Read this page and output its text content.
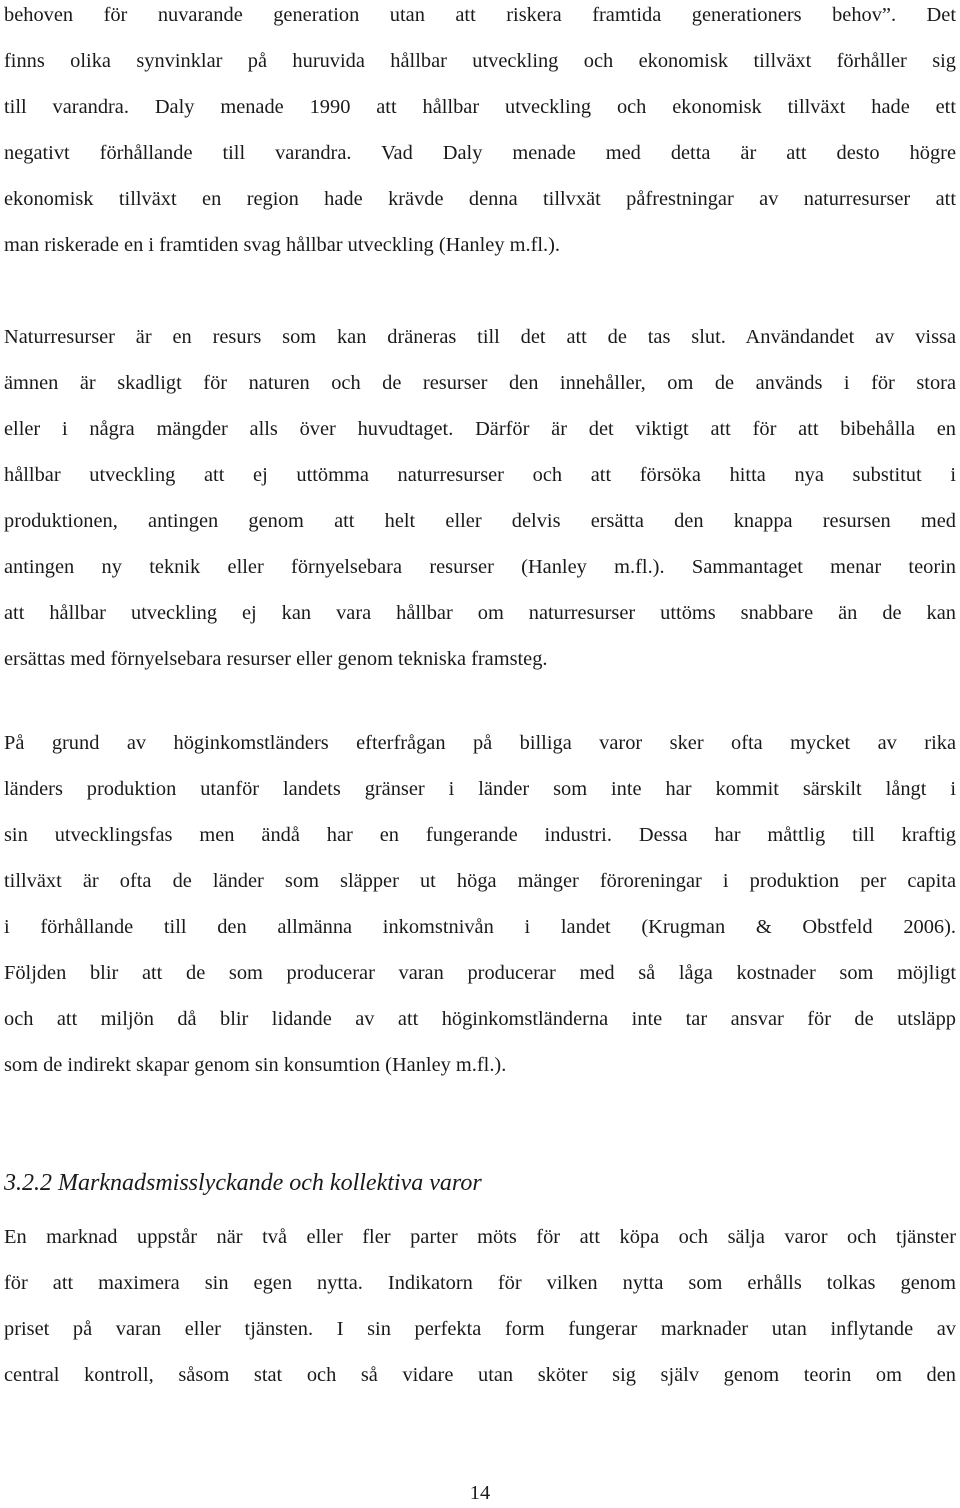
behoven för nuvarande generation utan att riskera framtida generationers behov”. Det
finns olika synvinklar på huruvida hållbar utveckling och ekonomisk tillväxt förhåller sig
till varandra. Daly menade 1990 att hållbar utveckling och ekonomisk tillväxt hade ett
negativt förhållande till varandra. Vad Daly menade med detta är att desto högre
ekonomisk tillväxt en region hade krävde denna tillvxät påfrestningar av naturresurser att
man riskerade en i framtiden svag hållbar utveckling (Hanley m.fl.).

Naturresurser är en resurs som kan dräneras till det att de tas slut. Användandet av vissa
ämnen är skadligt för naturen och de resurser den innehåller, om de används i för stora
eller i några mängder alls över huvudtaget. Därför är det viktigt att för att bibehålla en
hållbar utveckling att ej uttömma naturresurser och att försöka hitta nya substitut i
produktionen, antingen genom att helt eller delvis ersätta den knappa resursen med
antingen ny teknik eller förnyelsebara resurser (Hanley m.fl.). Sammantaget menar teorin
att hållbar utveckling ej kan vara hållbar om naturresurser uttöms snabbare än de kan
ersättas med förnyelsebara resurser eller genom tekniska framsteg.

På grund av höginkomstländers efterfrågan på billiga varor sker ofta mycket av rika
länders produktion utanför landets gränser i länder som inte har kommit särskilt långt i
sin utvecklingsfas men ändå har en fungerande industri. Dessa har måttlig till kraftig
tillväxt är ofta de länder som släpper ut höga mänger föroreningar i produktion per capita
i förhållande till den allmänna inkomstnivån i landet (Krugman & Obstfeld 2006).
Följden blir att de som producerar varan producerar med så låga kostnader som möjligt
och att miljön då blir lidande av att höginkomstländerna inte tar ansvar för de utsläpp
som de indirekt skapar genom sin konsumtion (Hanley m.fl.).

3.2.2 Marknadsmisslyckande och kollektiva varor

En marknad uppstår när två eller fler parter möts för att köpa och sälja varor och tjänster
för att maximera sin egen nytta. Indikatorn för vilken nytta som erhålls tolkas genom
priset på varan eller tjänsten. I sin perfekta form fungerar marknader utan inflytande av
central kontroll, såsom stat och så vidare utan sköter sig själv genom teorin om den

14
